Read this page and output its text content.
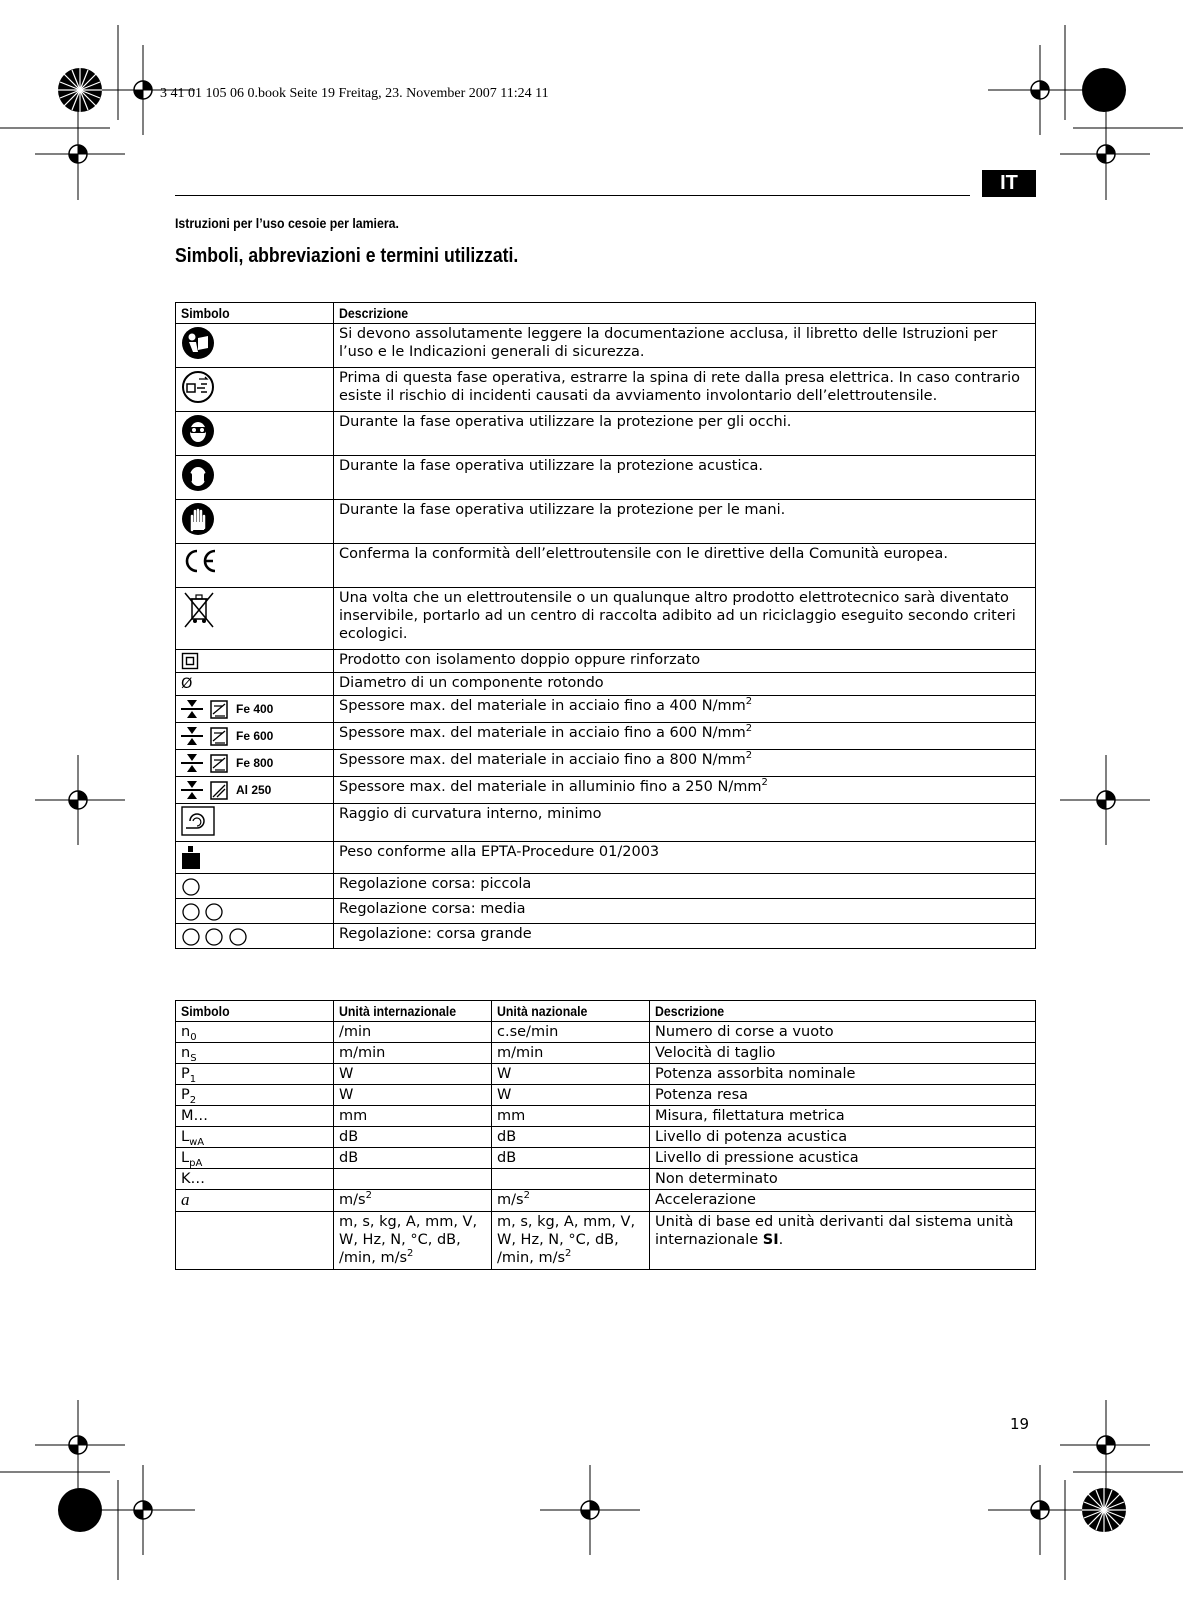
3 41 01 105 06 0.book Seite 19 Freitag, 23. November 2007 11:24 11
IT
Istruzioni per l’uso cesoie per lamiera.
Simboli, abbreviazioni e termini utilizzati.
Simbolo	Descrizione
	Si devono assolutamente leggere la documentazione acclusa, il libretto delle Istruzioni per l’uso e le Indicazioni generali di sicurezza.
	Prima di questa fase operativa, estrarre la spina di rete dalla presa elettrica. In caso contrario esiste il rischio di incidenti causati da avviamento involontario dell’elettroutensile.
	Durante la fase operativa utilizzare la protezione per gli occhi.
	Durante la fase operativa utilizzare la protezione acustica.
	Durante la fase operativa utilizzare la protezione per le mani.
	Conferma la conformità dell’elettroutensile con le direttive della Comunità europea.
	Una volta che un elettroutensile o un qualunque altro prodotto elettrotecnico sarà diventato inservibile, portarlo ad un centro di raccolta adibito ad un riciclaggio eseguito secondo criteri ecologici.
	Prodotto con isolamento doppio oppure rinforzato
Ø	Diametro di un componente rotondo
Fe 400	Spessore max. del materiale in acciaio fino a 400 $N/mm^2$
Fe 600	Spessore max. del materiale in acciaio fino a 600 $N/mm^2$
Fe 800	Spessore max. del materiale in acciaio fino a 800 $N/mm^2$
Al 250	Spessore max. del materiale in alluminio fino a 250 $N/mm^2$
	Raggio di curvatura interno, minimo
	Peso conforme alla EPTA-Procedure 01/2003
	Regolazione corsa: piccola
	Regolazione corsa: media
	Regolazione: corsa grande
Simbolo	Unità internazionale	Unità nazionale	Descrizione
$n_0$	/min	c.se/min	Numero di corse a vuoto
$n_S$	m/min	m/min	Velocità di taglio
$P_1$	W	W	Potenza assorbita nominale
$P_2$	W	W	Potenza resa
M…	mm	mm	Misura, filettatura metrica
$L_{wA}$	dB	dB	Livello di potenza acustica
$L_{pA}$	dB	dB	Livello di pressione acustica
K…			Non determinato
a	$m/s^2$	$m/s^2$	Accelerazione
	m, s, kg, A, mm, V, W, Hz, N, °C, dB, /min, $m/s^2$	m, s, kg, A, mm, V, W, Hz, N, °C, dB, /min, $m/s^2$	Unità di base ed unità derivanti dal sistema unità internazionale SI.
19
